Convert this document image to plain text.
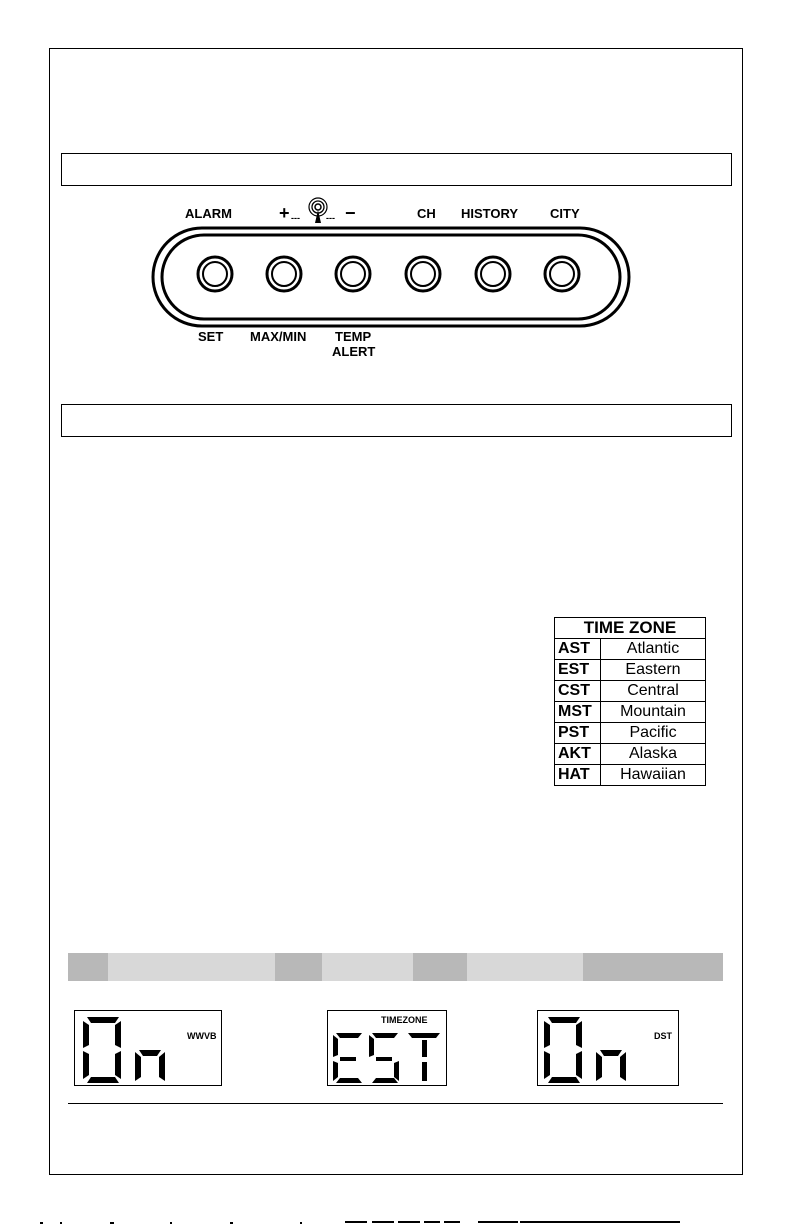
ALARM	+ ---	--- −	CH HISTORY CITY
SET MAX/MIN TEMP
ALERT
TIME ZONE	
AST	Atlantic
EST	Eastern
CST	Central
MST	Mountain
PST	Pacific
AKT	Alaska
HAT	Hawaiian
WWVB
TIMEZONE
DST
